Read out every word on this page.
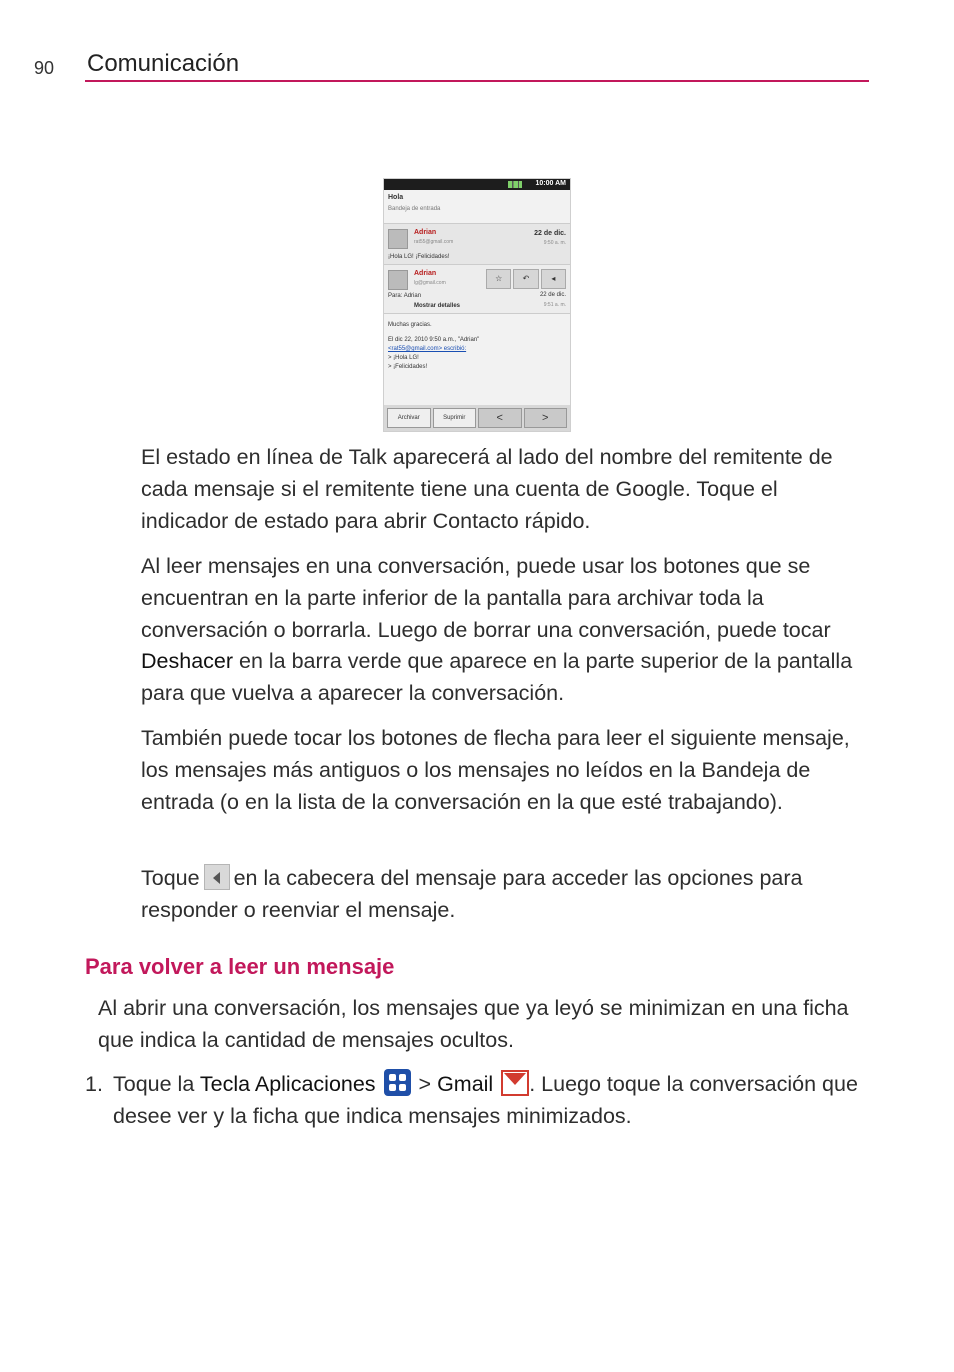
90 Comunicación
10:00 AM
Hola
Bandeja de entrada
Adrian
rat55@gmail.com
22 de dic.
9:50 a. m.
¡Hola LG! ¡Felicidades!
Adrian
lg@gmail.com	☆	↶	◂
Para: Adrian
Mostrar detalles
22 de dic.
9:51 a. m.
Muchas gracias.
El dic 22, 2010 9:50 a.m., "Adrian"
<rat55@gmail.com> escribió:
> ¡Hola LG!
> ¡Felicidades!
Archivar	Suprimir	<	>

El estado en línea de Talk aparecerá al lado del nombre del remitente de cada mensaje si el remitente tiene una cuenta de Google. Toque el indicador de estado para abrir Contacto rápido.

Al leer mensajes en una conversación, puede usar los botones que se encuentran en la parte inferior de la pantalla para archivar toda la conversación o borrarla. Luego de borrar una conversación, puede tocar Deshacer en la barra verde que aparece en la parte superior de la pantalla para que vuelva a aparecer la conversación.

También puede tocar los botones de flecha para leer el siguiente mensaje, los mensajes más antiguos o los mensajes no leídos en la Bandeja de entrada (o en la lista de la conversación en la que esté trabajando).

Toque en la cabecera del mensaje para acceder las opciones para responder o reenviar el mensaje.

Para volver a leer un mensaje

Al abrir una conversación, los mensajes que ya leyó se minimizan en una ficha que indica la cantidad de mensajes ocultos.

1. Toque la Tecla Aplicaciones
> Gmail . Luego toque la conversación que desee ver y la ficha que indica mensajes minimizados.
